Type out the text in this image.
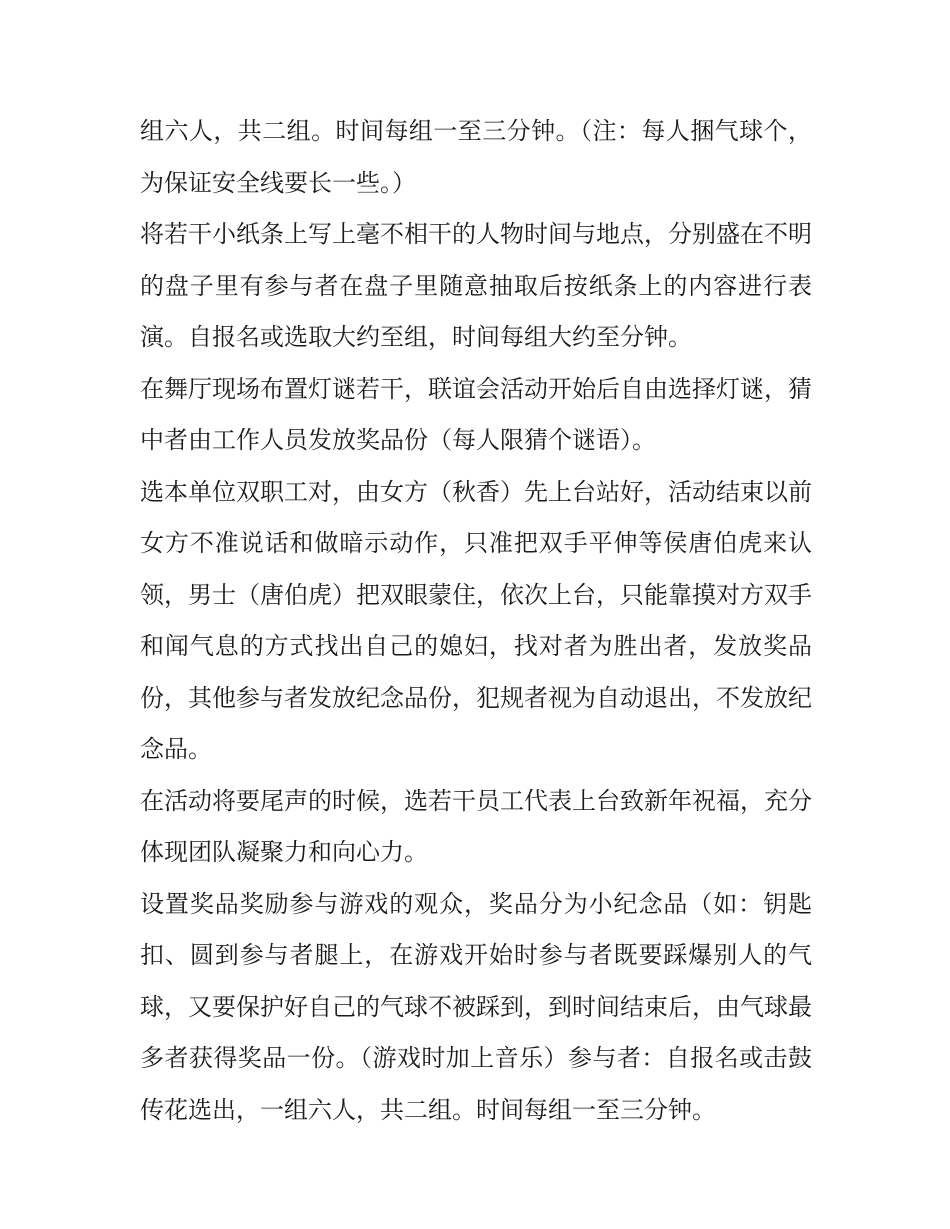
组六人，共二组。时间每组一至三分钟。（注：每人捆气球个，为保证安全线要长一些。）

将若干小纸条上写上毫不相干的人物时间与地点，分别盛在不明的盘子里有参与者在盘子里随意抽取后按纸条上的内容进行表演。自报名或选取大约至组，时间每组大约至分钟。

在舞厅现场布置灯谜若干，联谊会活动开始后自由选择灯谜，猜中者由工作人员发放奖品份（每人限猜个谜语）。

选本单位双职工对，由女方（秋香）先上台站好，活动结束以前女方不准说话和做暗示动作，只准把双手平伸等侯唐伯虎来认领，男士（唐伯虎）把双眼蒙住，依次上台，只能靠摸对方双手和闻气息的方式找出自己的媳妇，找对者为胜出者，发放奖品份，其他参与者发放纪念品份，犯规者视为自动退出，不发放纪念品。

在活动将要尾声的时候，选若干员工代表上台致新年祝福，充分体现团队凝聚力和向心力。

设置奖品奖励参与游戏的观众，奖品分为小纪念品（如：钥匙扣、圆到参与者腿上，在游戏开始时参与者既要踩爆别人的气球，又要保护好自己的气球不被踩到，到时间结束后，由气球最多者获得奖品一份。（游戏时加上音乐）参与者：自报名或击鼓传花选出，一组六人，共二组。时间每组一至三分钟。
